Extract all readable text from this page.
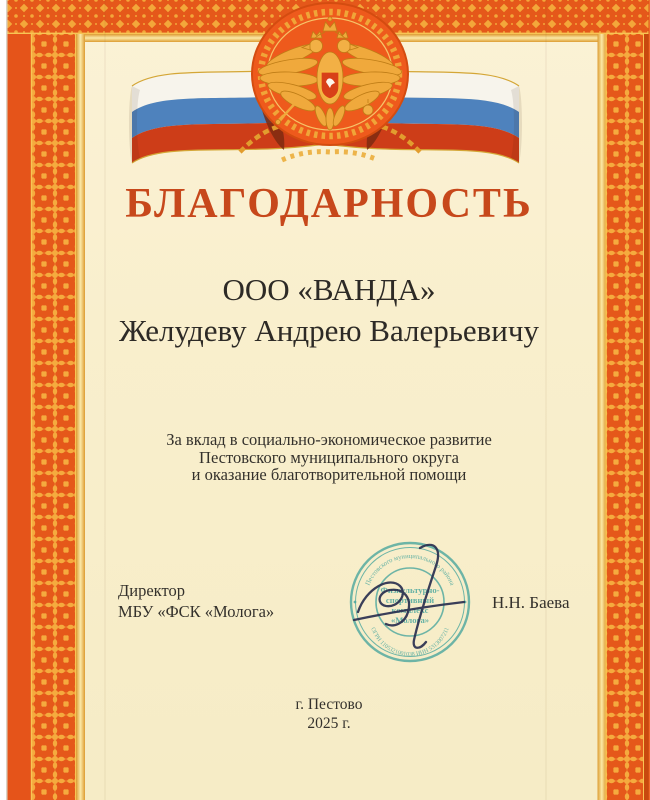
БЛАГОДАРНОСТЬ
ООО «ВАНДА»
Желудеву Андрею Валерьевичу
За вклад в социально-экономическое развитие
Пестовского муниципального округа
и оказание благотворительной помощи
Директор
МБУ «ФСК «Молога»	Н.Н. Баева
Пестовского муниципального района
ОГРН 1105321001038 ИНН 5313007211
Физкультурно-
спортивный
комплекс
«Молога»
г. Пестово
2025 г.
